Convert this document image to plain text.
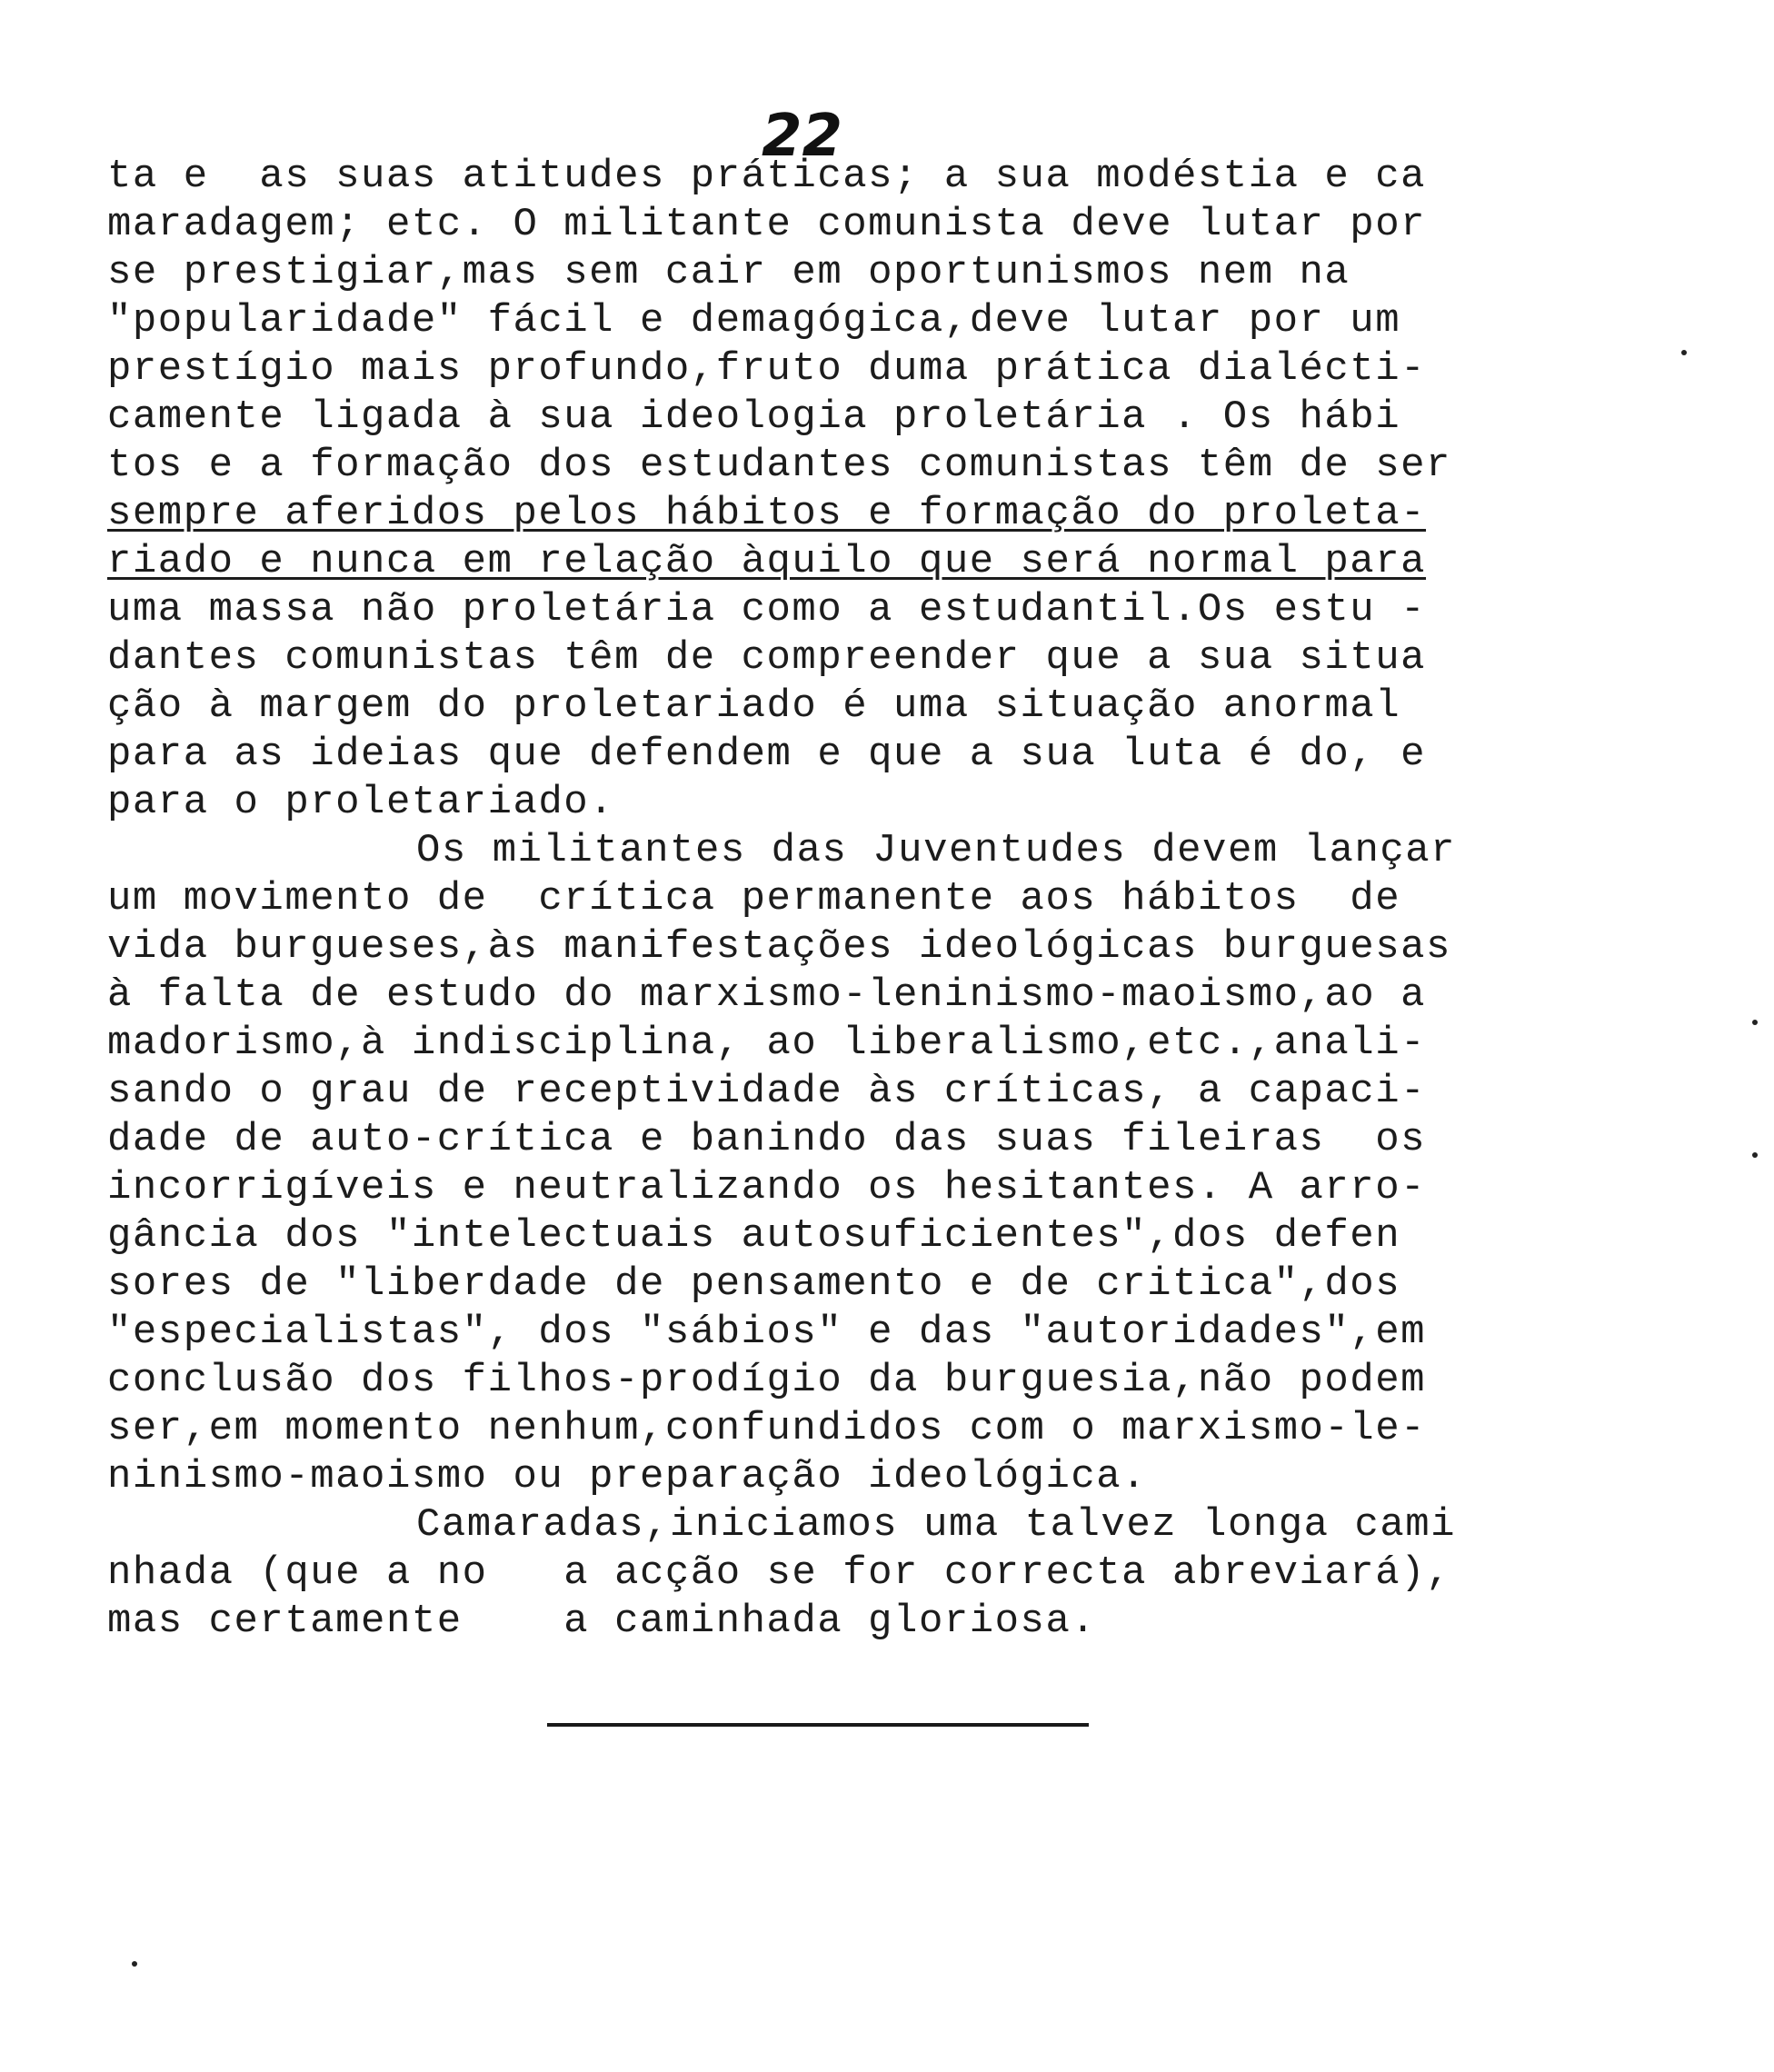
22
ta e  as suas atitudes práticas; a sua modéstia e ca
maradagem; etc. O militante comunista deve lutar por
se prestigiar,mas sem cair em oportunismos nem na
"popularidade" fácil e demagógica,deve lutar por um
prestígio mais profundo,fruto duma prática dialécti-
camente ligada à sua ideologia proletária . Os hábi
tos e a formação dos estudantes comunistas têm de ser
sempre aferidos pelos hábitos e formação do proleta-
riado e nunca em relação àquilo que será normal para
uma massa não proletária como a estudantil.Os estu -
dantes comunistas têm de compreender que a sua situa
ção à margem do proletariado é uma situação anormal
para as ideias que defendem e que a sua luta é do, e
para o proletariado.
Os militantes das Juventudes devem lançar
um movimento de  crítica permanente aos hábitos  de
vida burgueses,às manifestações ideológicas burguesas
à falta de estudo do marxismo-leninismo-maoismo,ao a
madorismo,à indisciplina, ao liberalismo,etc.,anali-
sando o grau de receptividade às críticas, a capaci-
dade de auto-crítica e banindo das suas fileiras  os
incorrigíveis e neutralizando os hesitantes. A arro-
gância dos "intelectuais autosuficientes",dos defen
sores de "liberdade de pensamento e de critica",dos
"especialistas", dos "sábios" e das "autoridades",em
conclusão dos filhos-prodígio da burguesia,não podem
ser,em momento nenhum,confundidos com o marxismo-le-
ninismo-maoismo ou preparação ideológica.
Camaradas,iniciamos uma talvez longa cami
nhada (que a no   a acção se for correcta abreviará),
mas certamente    a caminhada gloriosa.
